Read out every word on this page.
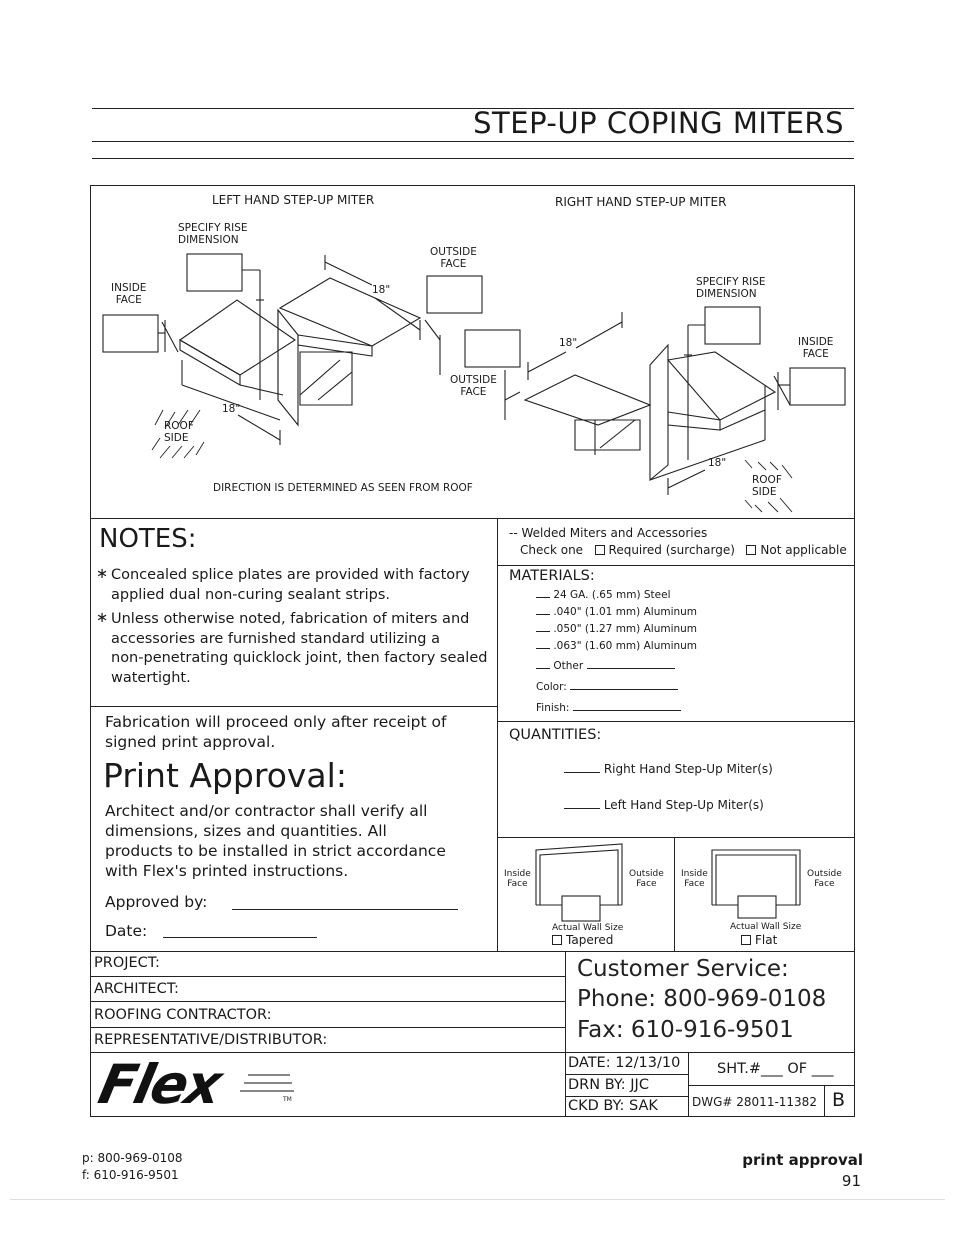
STEP-UP COPING MITERS
LEFT HAND STEP-UP MITER	RIGHT HAND STEP-UP MITER
SPECIFY RISE
DIMENSION
INSIDE
FACE
OUTSIDE
FACE
OUTSIDE
FACE
SPECIFY RISE
DIMENSION
INSIDE
FACE
18"
18"
18"
18"
ROOF
SIDE
ROOF
SIDE
DIRECTION IS DETERMINED AS SEEN FROM ROOF
NOTES:
∗ Concealed splice plates are provided with factory
applied dual non-curing sealant strips.
∗ Unless otherwise noted, fabrication of miters and
accessories are furnished standard utilizing a
non-penetrating quicklock joint, then factory sealed
watertight.
-- Welded Miters and Accessories
Check one Required (surcharge) Not applicable
MATERIALS:
24 GA. (.65 mm) Steel
.040" (1.01 mm) Aluminum
.050" (1.27 mm) Aluminum
.063" (1.60 mm) Aluminum
Other
Color:
Finish:
Fabrication will proceed only after receipt of
signed print approval.
Print Approval:
Architect and/or contractor shall verify all
dimensions, sizes and quantities. All
products to be installed in strict accordance
with Flex's printed instructions.
Approved by:
Date:
QUANTITIES:
Right Hand Step-Up Miter(s)
Left Hand Step-Up Miter(s)
Inside
Face
Outside
Face
Actual Wall Size
Tapered
Inside
Face
Outside
Face
Actual Wall Size
Flat
PROJECT:
ARCHITECT:
ROOFING CONTRACTOR:
REPRESENTATIVE/DISTRIBUTOR:
Customer Service:
Phone: 800-969-0108
Fax: 610-916-9501
Flex	TM
DATE: 12/13/10
DRN BY: JJC
CKD BY: SAK
SHT.#___ OF ___
DWG# 28011-11382 B
p: 800-969-0108
f: 610-916-9501
print approval
91
